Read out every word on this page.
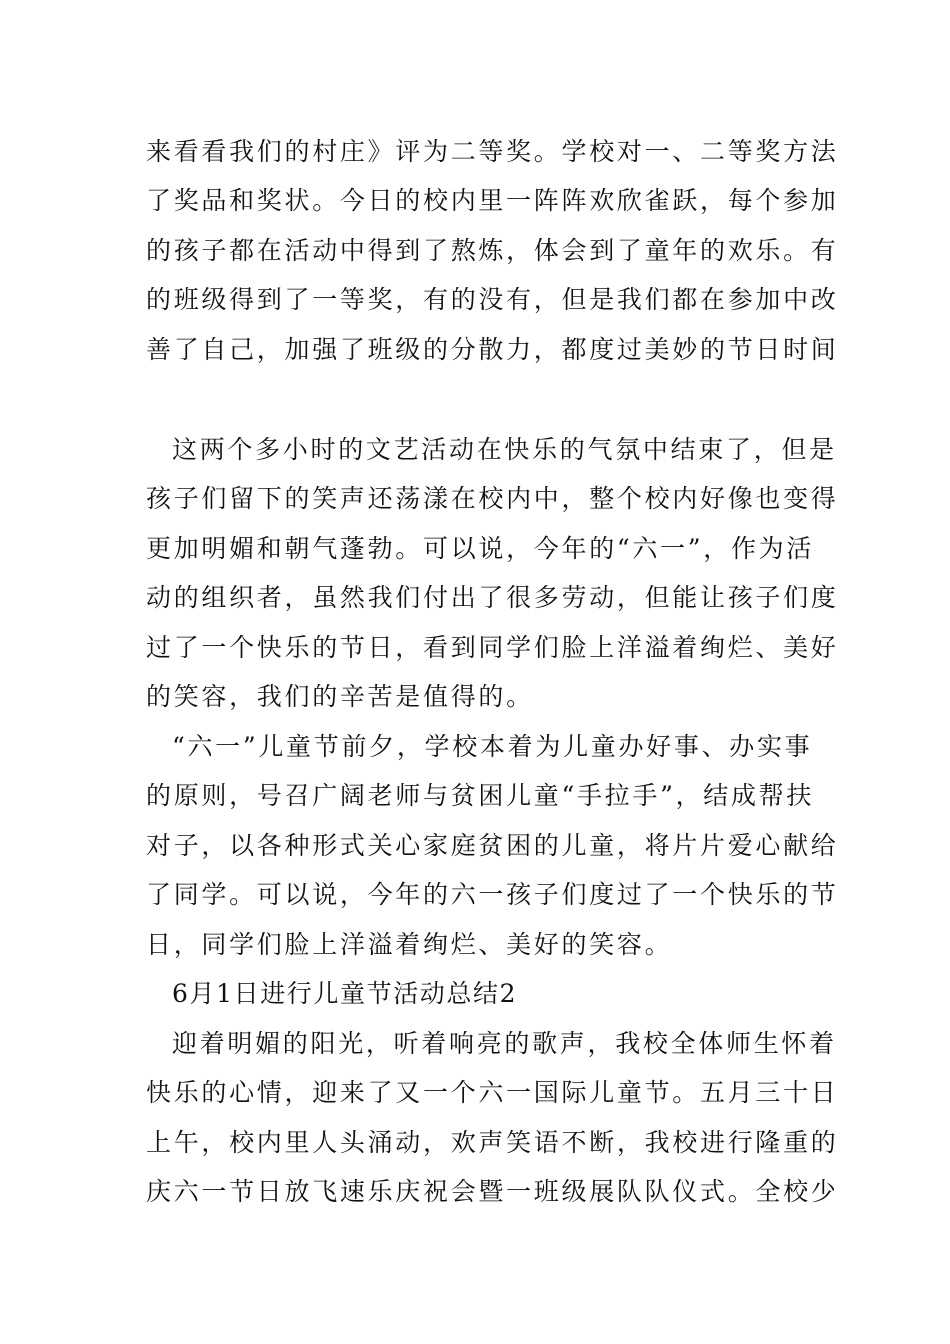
来看看我们的村庄》评为二等奖。学校对一、二等奖方法
了奖品和奖状。今日的校内里一阵阵欢欣雀跃，每个参加
的孩子都在活动中得到了熬炼，体会到了童年的欢乐。有
的班级得到了一等奖，有的没有，但是我们都在参加中改
善了自己，加强了班级的分散力，都度过美妙的节日时间
这两个多小时的文艺活动在快乐的气氛中结束了，但是
孩子们留下的笑声还荡漾在校内中，整个校内好像也变得
更加明媚和朝气蓬勃。可以说，今年的“六一”，作为活
动的组织者，虽然我们付出了很多劳动，但能让孩子们度
过了一个快乐的节日，看到同学们脸上洋溢着绚烂、美好
的笑容，我们的辛苦是值得的。
“六一”儿童节前夕，学校本着为儿童办好事、办实事
的原则，号召广阔老师与贫困儿童“手拉手”，结成帮扶
对子，以各种形式关心家庭贫困的儿童，将片片爱心献给
了同学。可以说，今年的六一孩子们度过了一个快乐的节
日，同学们脸上洋溢着绚烂、美好的笑容。
6月1日进行儿童节活动总结2
迎着明媚的阳光，听着响亮的歌声，我校全体师生怀着
快乐的心情，迎来了又一个六一国际儿童节。五月三十日
上午，校内里人头涌动，欢声笑语不断，我校进行隆重的
庆六一节日放飞速乐庆祝会暨一班级展队队仪式。全校少
